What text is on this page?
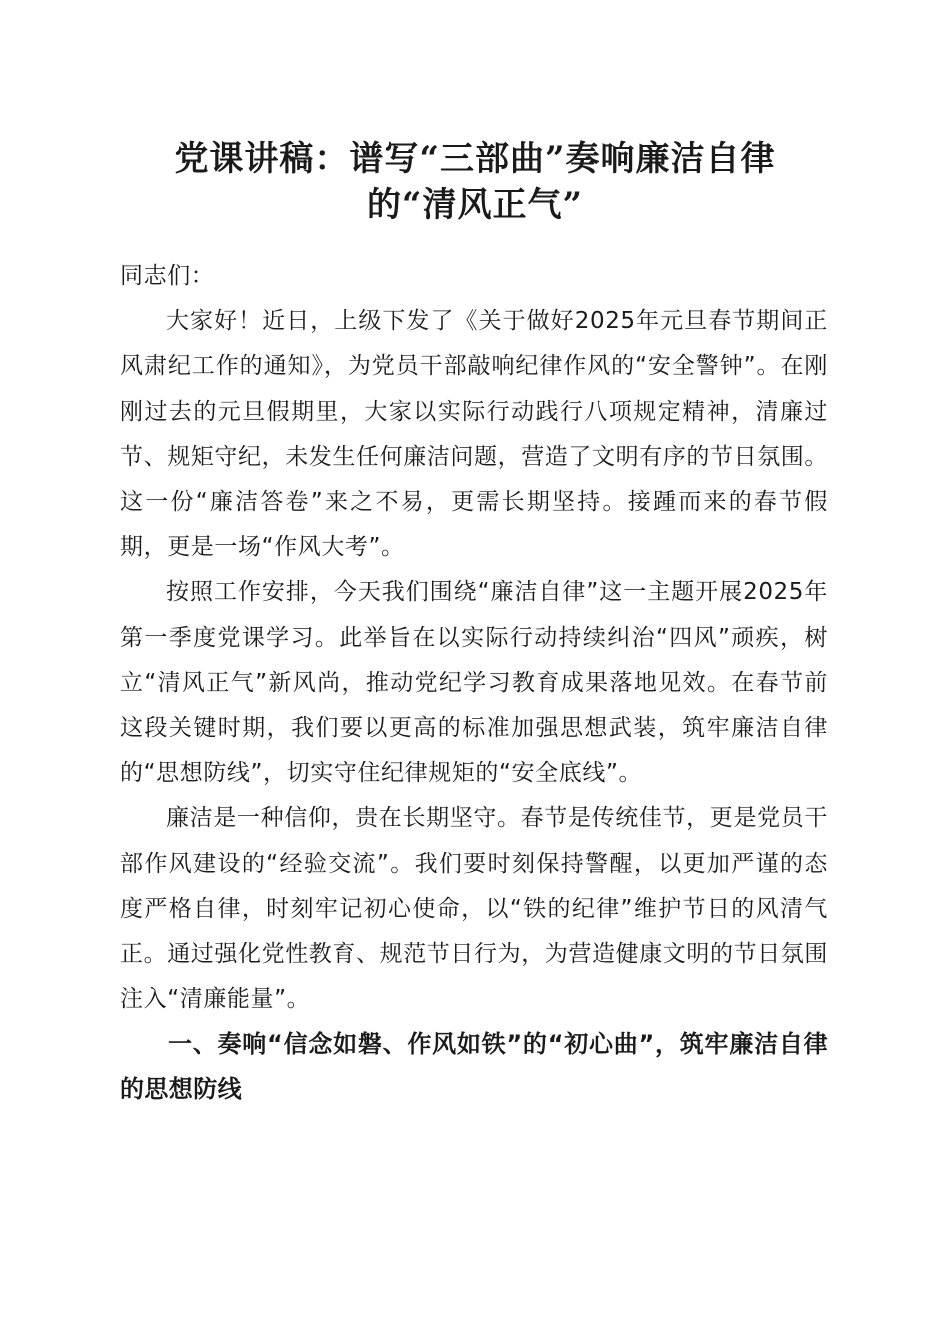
党课讲稿：谱写“三部曲”奏响廉洁自律
的“清风正气”

同志们：

大家好！近日，上级下发了《关于做好2025年元旦春节期间正风肃纪工作的通知》，为党员干部敲响纪律作风的“安全警钟”。在刚刚过去的元旦假期里，大家以实际行动践行八项规定精神，清廉过节、规矩守纪，未发生任何廉洁问题，营造了文明有序的节日氛围。这一份“廉洁答卷”来之不易，更需长期坚持。接踵而来的春节假期，更是一场“作风大考”。

按照工作安排，今天我们围绕“廉洁自律”这一主题开展2025年第一季度党课学习。此举旨在以实际行动持续纠治“四风”顽疾，树立“清风正气”新风尚，推动党纪学习教育成果落地见效。在春节前这段关键时期，我们要以更高的标准加强思想武装，筑牢廉洁自律的“思想防线”，切实守住纪律规矩的“安全底线”。

廉洁是一种信仰，贵在长期坚守。春节是传统佳节，更是党员干部作风建设的“经验交流”。我们要时刻保持警醒，以更加严谨的态度严格自律，时刻牢记初心使命，以“铁的纪律”维护节日的风清气正。通过强化党性教育、规范节日行为，为营造健康文明的节日氛围注入“清廉能量”。

一、奏响“信念如磐、作风如铁”的“初心曲”，筑牢廉洁自律的思想防线
